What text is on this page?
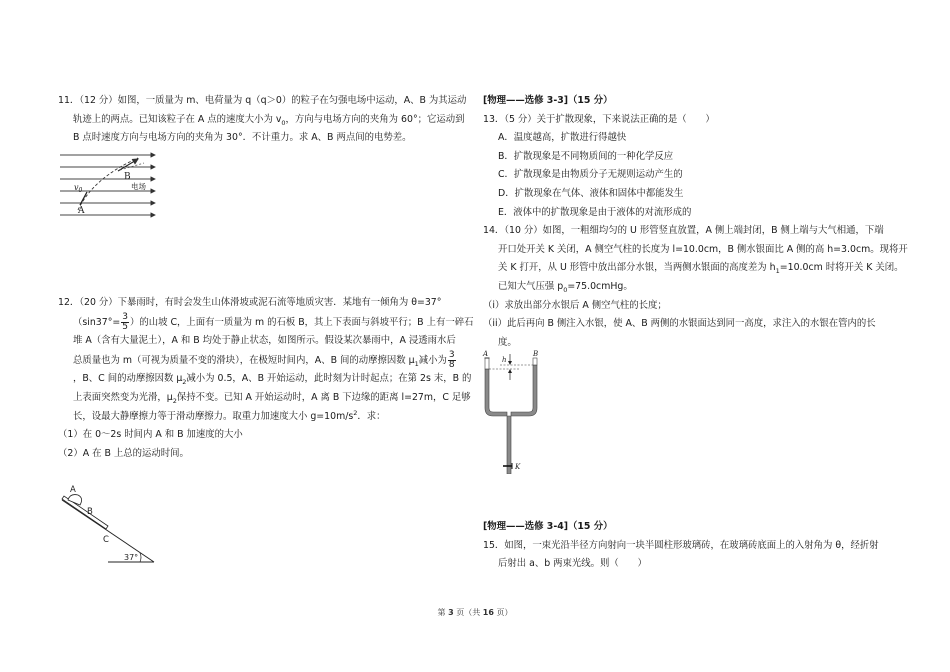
11．（12 分）如图，一质量为 m、电荷量为 q（q＞0）的粒子在匀强电场中运动，A、B 为其运动
轨迹上的两点。已知该粒子在 A 点的速度大小为 $v_0$，方向与电场方向的夹角为 60°；它运动到
B 点时速度方向与电场方向的夹角为 30°．不计重力。求 A、B 两点间的电势差。
A
B
$v_0$	电场
12．（20 分）下暴雨时，有时会发生山体滑坡或泥石流等地质灾害．某地有一倾角为 θ=37°
（$\sin 37^\circ= \frac{3}{5}$ ）的山坡 C，上面有一质量为 m 的石板 B，其上下表面与斜坡平行；B 上有一碎石
堆 A（含有大量泥土），A 和 B 均处于静止状态，如图所示。假设某次暴雨中，A 浸透雨水后
总质量也为 m（可视为质量不变的滑块），在极短时间内，A、B 间的动摩擦因数 $\mu_1$减小为 $\frac{3}{8}$
，B、C 间的动摩擦因数 $\mu_2$减小为 0.5，A、B 开始运动，此时刻为计时起点；在第 2s 末，B 的
上表面突然变为光滑，$\mu_2$保持不变。已知 A 开始运动时，A 离 B 下边缘的距离 l=27m，C 足够
长，设最大静摩擦力等于滑动摩擦力。取重力加速度大小 $g=10m/s^2$．求：
（1）在 0～2s 时间内 A 和 B 加速度的大小
（2）A 在 B 上总的运动时间。
A
B
C
37°
[物理——选修 3-3]（15 分）
13．（5 分）关于扩散现象，下来说法正确的是（　　）
A．温度越高，扩散进行得越快
B．扩散现象是不同物质间的一种化学反应
C．扩散现象是由物质分子无规则运动产生的
D．扩散现象在气体、液体和固体中都能发生
E．液体中的扩散现象是由于液体的对流形成的
14．（10 分）如图，一粗细均匀的 U 形管竖直放置，A 侧上端封闭，B 侧上端与大气相通，下端
开口处开关 K 关闭，A 侧空气柱的长度为 l=10.0cm，B 侧水银面比 A 侧的高 h=3.0cm。现将开
关 K 打开，从 U 形管中放出部分水银，当两侧水银面的高度差为 $h_1=10.0cm$ 时将开关 K 关闭。
已知大气压强 $p_0=75.0cmHg$。
（i）求放出部分水银后 A 侧空气柱的长度；
（ii）此后再向 B 侧注入水银，使 A、B 两侧的水银面达到同一高度，求注入的水银在管内的长
度。
A	B
h
K
[物理——选修 3-4]（15 分）
15．如图，一束光沿半径方向射向一块半圆柱形玻璃砖，在玻璃砖底面上的入射角为 θ，经折射
后射出 a、b 两束光线。则（　　）
第 3 页（共 16 页）
